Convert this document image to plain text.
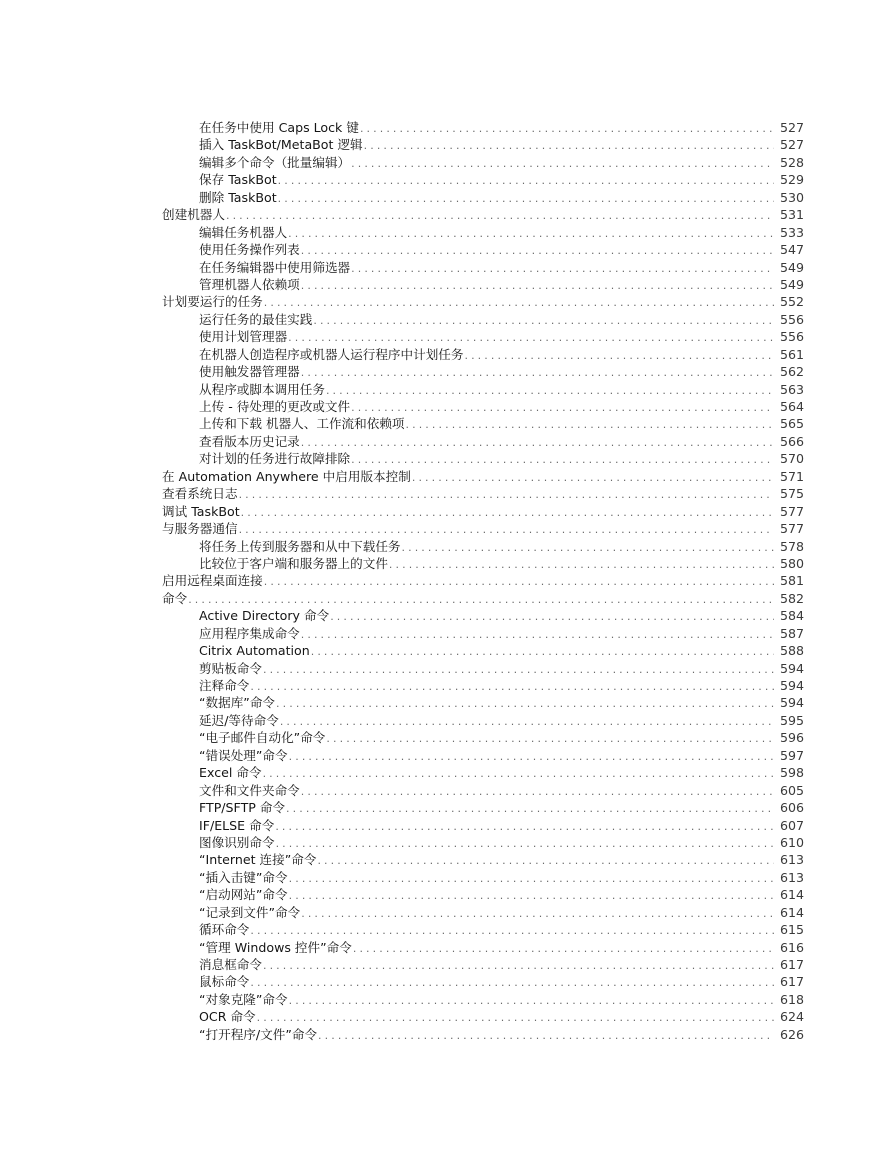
在任务中使用 Caps Lock 键 .....	527
插入 TaskBot/MetaBot 逻辑 .....	527
编辑多个命令（批量编辑） .....	528
保存 TaskBot .....	529
删除 TaskBot .....	530
创建机器人 .....	531
编辑任务机器人 .....	533
使用任务操作列表 .....	547
在任务编辑器中使用筛选器 .....	549
管理机器人依赖项 .....	549
计划要运行的任务 .....	552
运行任务的最佳实践 .....	556
使用计划管理器 .....	556
在机器人创造程序或机器人运行程序中计划任务 .....	561
使用触发器管理器 .....	562
从程序或脚本调用任务 .....	563
上传 - 待处理的更改或文件 .....	564
上传和下载 机器人、工作流和依赖项 .....	565
查看版本历史记录 .....	566
对计划的任务进行故障排除 .....	570
在 Automation Anywhere 中启用版本控制 .....	571
查看系统日志 .....	575
调试 TaskBot .....	577
与服务器通信 .....	577
将任务上传到服务器和从中下载任务 .....	578
比较位于客户端和服务器上的文件 .....	580
启用远程桌面连接 .....	581
命令 .....	582
Active Directory 命令 .....	584
应用程序集成命令 .....	587
Citrix Automation .....	588
剪贴板命令 .....	594
注释命令 .....	594
“数据库”命令 .....	594
延迟/等待命令 .....	595
“电子邮件自动化”命令 .....	596
“错误处理”命令 .....	597
Excel 命令 .....	598
文件和文件夹命令 .....	605
FTP/SFTP 命令 .....	606
IF/ELSE 命令 .....	607
图像识别命令 .....	610
“Internet 连接”命令 .....	613
“插入击键”命令 .....	613
“启动网站”命令 .....	614
“记录到文件”命令 .....	614
循环命令 .....	615
“管理 Windows 控件”命令 .....	616
消息框命令 .....	617
鼠标命令 .....	617
“对象克隆”命令 .....	618
OCR 命令 .....	624
“打开程序/文件”命令 .....	626
